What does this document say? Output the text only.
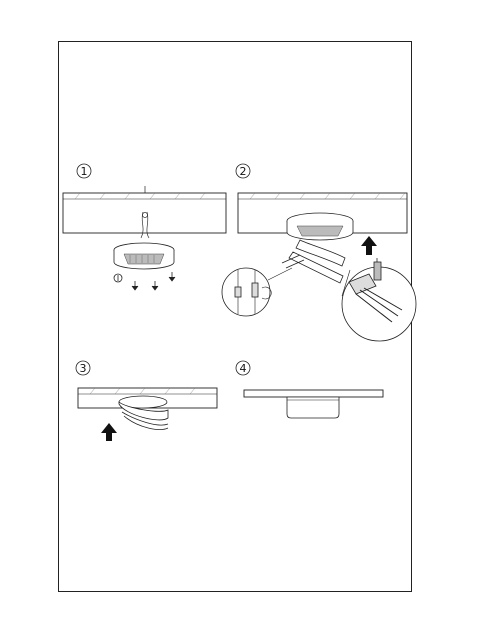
1	2
3	4
